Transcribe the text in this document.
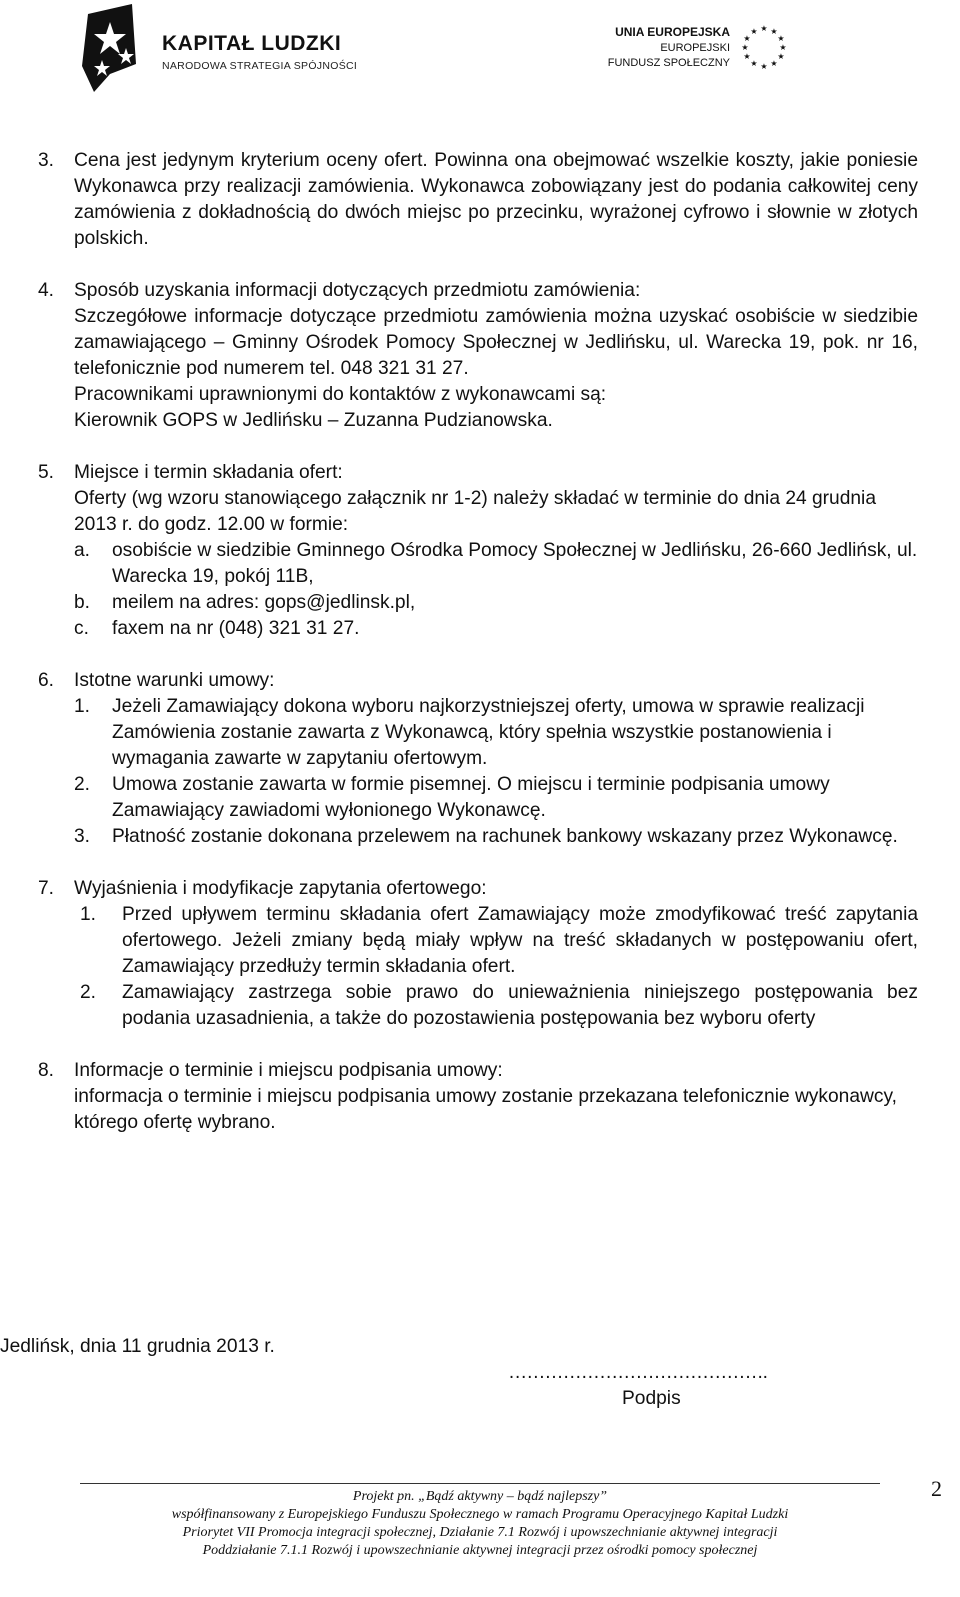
KAPITAŁ LUDZKI
NARODOWA STRATEGIA SPÓJNOŚCI
UNIA EUROPEJSKA
EUROPEJSKI
FUNDUSZ SPOŁECZNY
★ ★
★
★
★
★
★
★
★
★
★
★
3. Cena jest jedynym kryterium oceny ofert. Powinna ona obejmować wszelkie koszty, jakie poniesie Wykonawca przy realizacji zamówienia. Wykonawca zobowiązany jest do podania całkowitej ceny zamówienia z dokładnością do dwóch miejsc po przecinku, wyrażonej cyfrowo i słownie w złotych polskich.

4. Sposób uzyskania informacji dotyczących przedmiotu zamówienia:

Szczegółowe informacje dotyczące przedmiotu zamówienia można uzyskać osobiście w siedzibie zamawiającego – Gminny Ośrodek Pomocy Społecznej w Jedlińsku, ul. Warecka 19, pok. nr 16, telefonicznie pod numerem tel. 048 321 31 27.

Pracownikami uprawnionymi do kontaktów z wykonawcami są:

Kierownik GOPS w Jedlińsku – Zuzanna Pudzianowska.

5. Miejsce i termin składania ofert:

Oferty (wg wzoru stanowiącego załącznik nr 1-2) należy składać w terminie do dnia 24 grudnia 2013 r. do godz. 12.00 w formie:

a. osobiście w siedzibie Gminnego Ośrodka Pomocy Społecznej w Jedlińsku, 26-660 Jedlińsk, ul. Warecka 19, pokój 11B,

b. meilem na adres: gops@jedlinsk.pl,

c. faxem na nr (048) 321 31 27.

6. Istotne warunki umowy:

1. Jeżeli Zamawiający dokona wyboru najkorzystniejszej oferty, umowa w sprawie realizacji Zamówienia zostanie zawarta z Wykonawcą, który spełnia wszystkie postanowienia i wymagania zawarte w zapytaniu ofertowym.

2. Umowa zostanie zawarta w formie pisemnej. O miejscu i terminie podpisania umowy Zamawiający zawiadomi wyłonionego Wykonawcę.

3. Płatność zostanie dokonana przelewem na rachunek bankowy wskazany przez Wykonawcę.

7. Wyjaśnienia i modyfikacje zapytania ofertowego:

1. Przed upływem terminu składania ofert Zamawiający może zmodyfikować treść zapytania ofertowego. Jeżeli zmiany będą miały wpływ na treść składanych w postępowaniu ofert, Zamawiający przedłuży termin składania ofert.

2. Zamawiający zastrzega sobie prawo do unieważnienia niniejszego postępowania bez podania uzasadnienia, a także do pozostawienia postępowania bez wyboru oferty

8. Informacje o terminie i miejscu podpisania umowy:

informacja o terminie i miejscu podpisania umowy zostanie przekazana telefonicznie wykonawcy, którego ofertę wybrano.

Jedlińsk, dnia 11 grudnia 2013 r.
…………………………………….
Podpis
2
Projekt pn. „Bądź aktywny – bądź najlepszy”
współfinansowany z Europejskiego Funduszu Społecznego w ramach Programu Operacyjnego Kapitał Ludzki
Priorytet VII Promocja integracji społecznej, Działanie 7.1 Rozwój i upowszechnianie aktywnej integracji
Poddziałanie 7.1.1 Rozwój i upowszechnianie aktywnej integracji przez ośrodki pomocy społecznej
